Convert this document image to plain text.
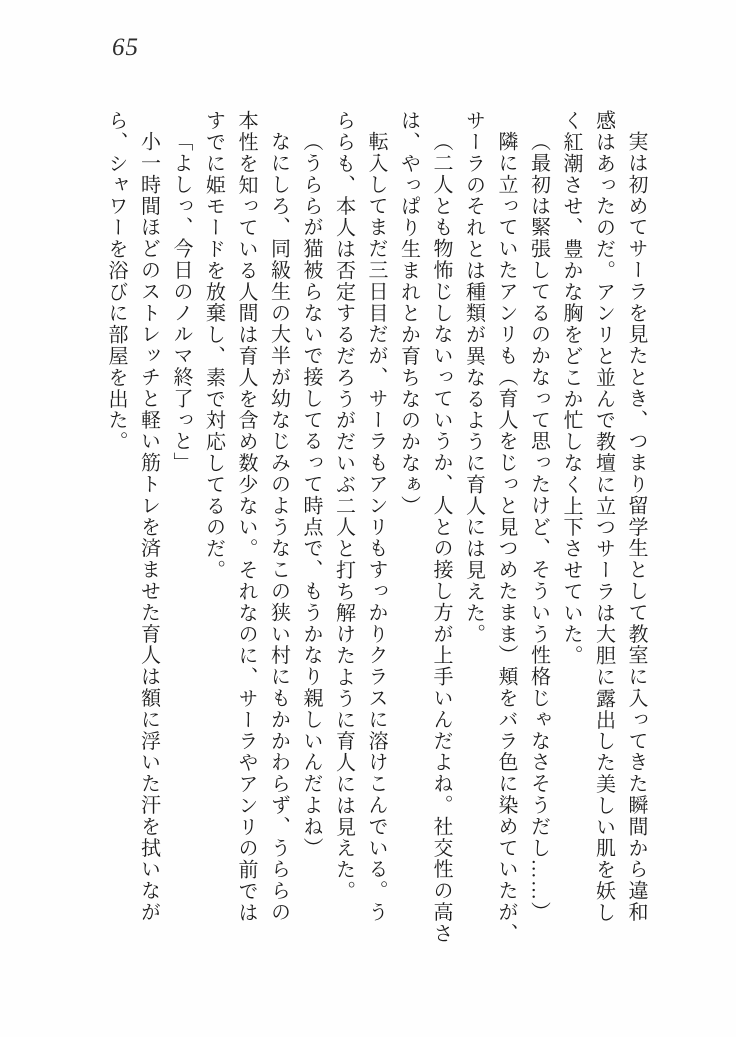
65
実は初めてサーラを見たとき、つまり留学生として教室に入ってきた瞬間から違和
感はあったのだ。アンリと並んで教壇に立つサーラは大胆に露出した美しい肌を妖し
く紅潮させ、豊かな胸をどこか忙しなく上下させていた。
（最初は緊張してるのかなって思ったけど、そういう性格じゃなさそうだし……）
隣に立っていたアンリも（育人をじっと見つめたまま）頬をバラ色に染めていたが、
サーラのそれとは種類が異なるように育人には見えた。
（二人とも物怖じしないっていうか、人との接し方が上手いんだよね。社交性の高さ
は、やっぱり生まれとか育ちなのかなぁ）
転入してまだ三日目だが、サーラもアンリもすっかりクラスに溶けこんでいる。う
ららも、本人は否定するだろうがだいぶ二人と打ち解けたように育人には見えた。
（うららが猫被らないで接してるって時点で、もうかなり親しいんだよね）
なにしろ、同級生の大半が幼なじみのようなこの狭い村にもかかわらず、うららの
本性を知っている人間は育人を含め数少ない。それなのに、サーラやアンリの前では
すでに姫モードを放棄し、素で対応してるのだ。
「よしっ、今日のノルマ終了っと」
小一時間ほどのストレッチと軽い筋トレを済ませた育人は額に浮いた汗を拭いなが
ら、シャワーを浴びに部屋を出た。
